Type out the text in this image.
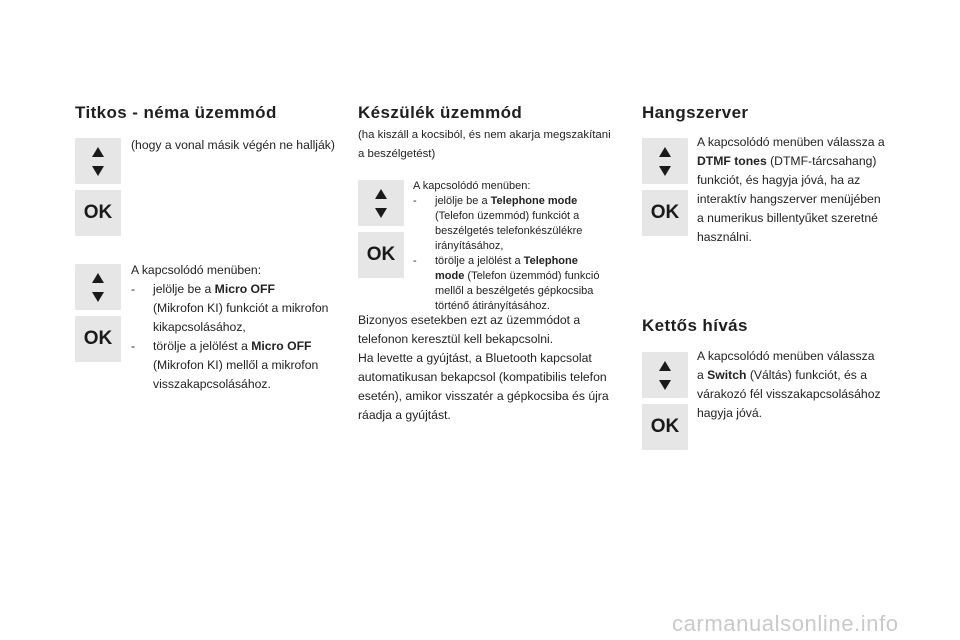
Titkos - néma üzemmód
OK
(hogy a vonal másik végén ne hallják)
OK
A kapcsolódó menüben:
- jelölje be a Micro OFF
(Mikrofon KI) funkciót a mikrofon
kikapcsolásához,
- törölje a jelölést a Micro OFF
(Mikrofon KI) mellől a mikrofon
visszakapcsolásához.
Készülék üzemmód
(ha kiszáll a kocsiból, és nem akarja megszakítani
a beszélgetést)
OK
A kapcsolódó menüben:
- jelölje be a Telephone mode
(Telefon üzemmód) funkciót a
beszélgetés telefonkészülékre
irányításához,
- törölje a jelölést a Telephone
mode (Telefon üzemmód) funkció
mellől a beszélgetés gépkocsiba
történő átirányításához.
Bizonyos esetekben ezt az üzemmódot a
telefonon keresztül kell bekapcsolni.
Ha levette a gyújtást, a Bluetooth kapcsolat
automatikusan bekapcsol (kompatibilis telefon
esetén), amikor visszatér a gépkocsiba és újra
ráadja a gyújtást.
Hangszerver
OK
A kapcsolódó menüben válassza a
DTMF tones (DTMF-tárcsahang)
funkciót, és hagyja jóvá, ha az
interaktív hangszerver menüjében
a numerikus billentyűket szeretné
használni.
Kettős hívás
OK
A kapcsolódó menüben válassza
a Switch (Váltás) funkciót, és a
várakozó fél visszakapcsolásához
hagyja jóvá.
carmanualsonline.info
